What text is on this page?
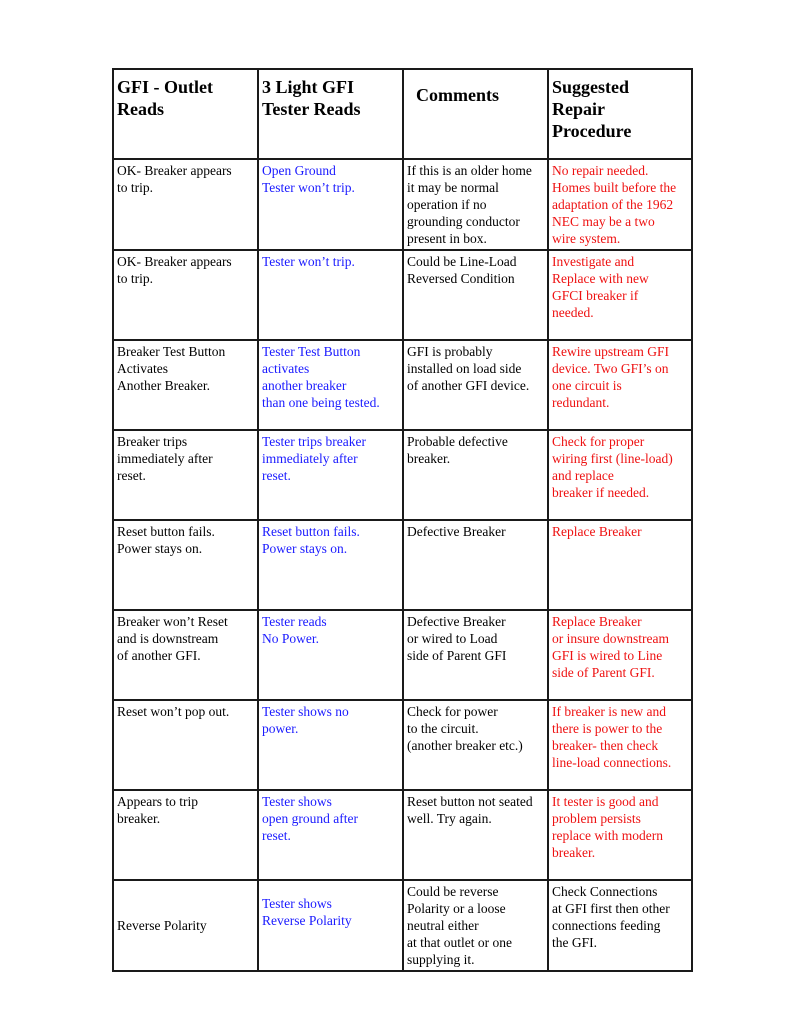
GFI - Outlet
Reads	3 Light GFI
Tester Reads	Comments	Suggested
Repair
Procedure

OK- Breaker appears
to trip.	Open Ground
Tester won’t trip.	If this is an older home
it may be normal
operation if no
grounding conductor
present in box.	No repair needed.
Homes built before the
adaptation of the 1962
NEC may be a two
wire system.

OK- Breaker appears
to trip.	Tester won’t trip.	Could be Line-Load
Reversed Condition	Investigate and
Replace with new
GFCI breaker if
needed.

Breaker Test Button
Activates
Another Breaker.	Tester Test Button
activates
another breaker
than one being tested.	GFI is probably
installed on load side
of another GFI device.	Rewire upstream GFI
device. Two GFI’s on
one circuit is
redundant.

Breaker trips
immediately after
reset.	Tester trips breaker
immediately after
reset.	Probable defective
breaker.	Check for proper
wiring first (line-load)
and replace
breaker if needed.

Reset button fails.
Power stays on.	Reset button fails.
Power stays on.	Defective Breaker	Replace Breaker

Breaker won’t Reset
and is downstream
of another GFI.	Tester reads
No Power.	Defective Breaker
or wired to Load
side of Parent GFI	Replace Breaker
or insure downstream
GFI is wired to Line
side of Parent GFI.

Reset won’t pop out.	Tester shows no
power.	Check for power
to the circuit.
(another breaker etc.)	If breaker is new and
there is power to the
breaker- then check
line-load connections.

Appears to trip
breaker.	Tester shows
open ground after
reset.	Reset button not seated
well. Try again.	It tester is good and
problem persists
replace with modern
breaker.

Reverse Polarity	Tester shows
Reverse Polarity	Could be reverse
Polarity or a loose
neutral either
at that outlet or one
supplying it.	Check Connections
at GFI first then other
connections feeding
the GFI.
